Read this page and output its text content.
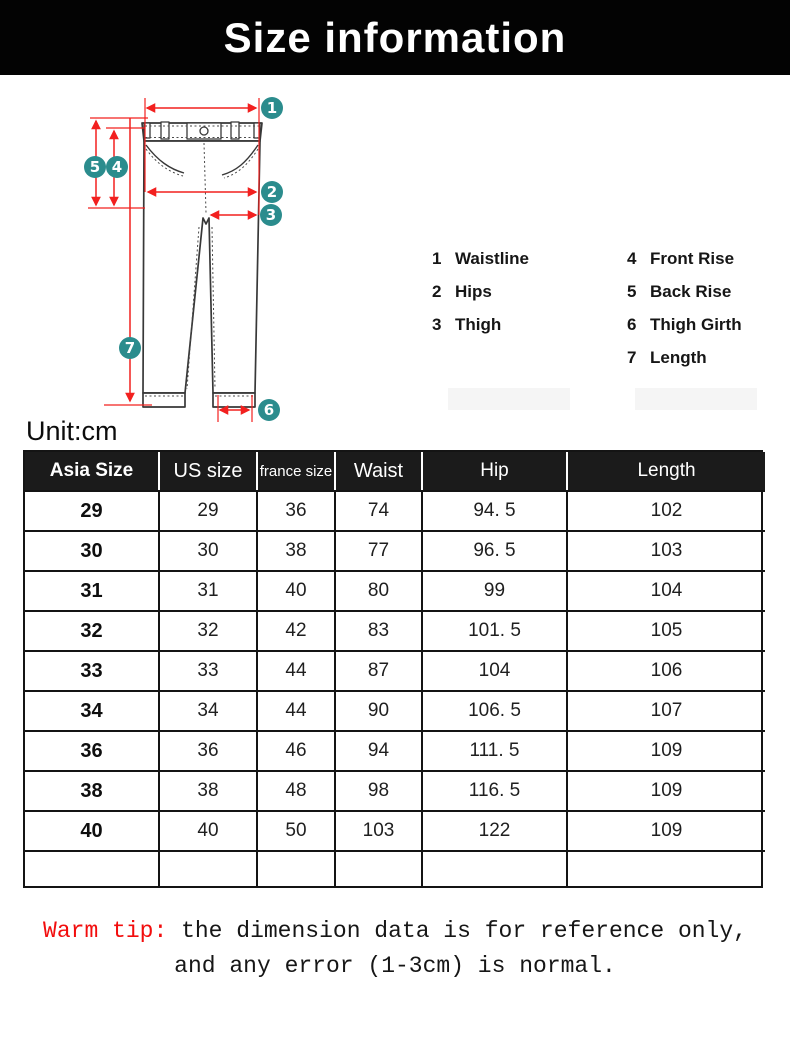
Size information
1
2
3
4
5
6
7
1 Waistline
2 Hips
3 Thigh
4 Front Rise
5 Back Rise
6 Thigh Girth
7 Length
Unit:cm
Asia Size	US size	france size	Waist	Hip	Length
29	29	36	74	94. 5	102
30	30	38	77	96. 5	103
31	31	40	80	99	104
32	32	42	83	101. 5	105
33	33	44	87	104	106
34	34	44	90	106. 5	107
36	36	46	94	111. 5	109
38	38	48	98	116. 5	109
40	40	50	103	122	109
Warm tip: the dimension data is for reference only,
and any error (1-3cm) is normal.
